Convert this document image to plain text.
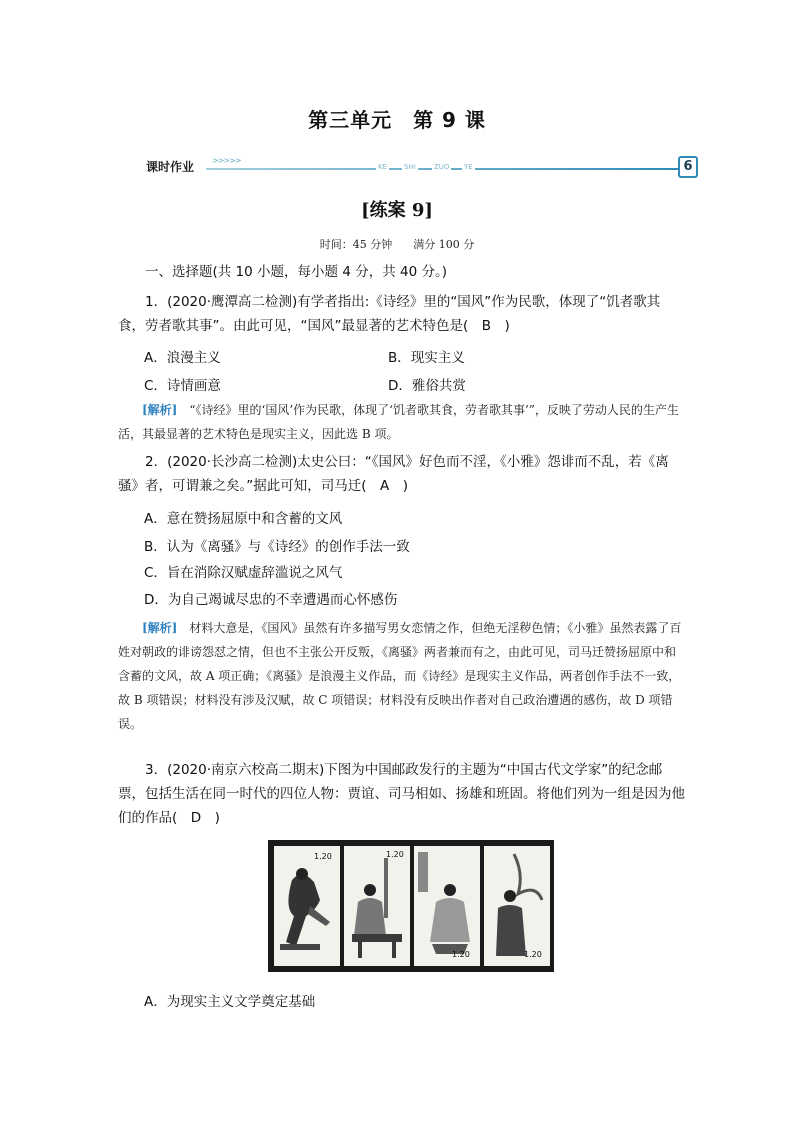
第三单元　第 9 课
课时作业 >>>>>
KE SHI	ZUO YE	6
[练案 9]
时间：45 分钟      满分 100 分
一、选择题(共 10 小题，每小题 4 分，共 40 分。)
1．(2020·鹰潭高二检测)有学者指出:《诗经》里的“国风”作为民歌，体现了“饥者歌其食，劳者歌其事”。由此可见，“国风”最显著的艺术特色是(　B　)
A．浪漫主义	B．现实主义
C．诗情画意	D．雅俗共赏
[解析]　 “《诗经》里的‘国风’作为民歌，体现了‘饥者歌其食，劳者歌其事’”，反映了劳动人民的生产生活，其最显著的艺术特色是现实主义，因此选 B 项。
2．(2020·长沙高二检测)太史公曰：“《国风》好色而不淫，《小雅》怨诽而不乱，若《离骚》者，可谓兼之矣。”据此可知，司马迁(　A　)
A．意在赞扬屈原中和含蓄的文风
B．认为《离骚》与《诗经》的创作手法一致
C．旨在消除汉赋虚辞滥说之风气
D．为自己竭诚尽忠的不幸遭遇而心怀感伤
[解析]　 材料大意是，《国风》虽然有许多描写男女恋情之作，但绝无淫秽色情；《小雅》虽然表露了百姓对朝政的诽谤怨怼之情，但也不主张公开反叛，《离骚》两者兼而有之，由此可见，司马迁赞扬屈原中和含蓄的文风，故 A 项正确；《离骚》是浪漫主义作品，而《诗经》是现实主义作品，两者创作手法不一致，故 B 项错误；材料没有涉及汉赋，故 C 项错误；材料没有反映出作者对自己政治遭遇的感伤，故 D 项错误。
3．(2020·南京六校高二期末)下图为中国邮政发行的主题为“中国古代文学家”的纪念邮票，包括生活在同一时代的四位人物：贾谊、司马相如、扬雄和班固。将他们列为一组是因为他们的作品(　D　)
1.20	1.20
1.20	1.20
A．为现实主义文学奠定基础
